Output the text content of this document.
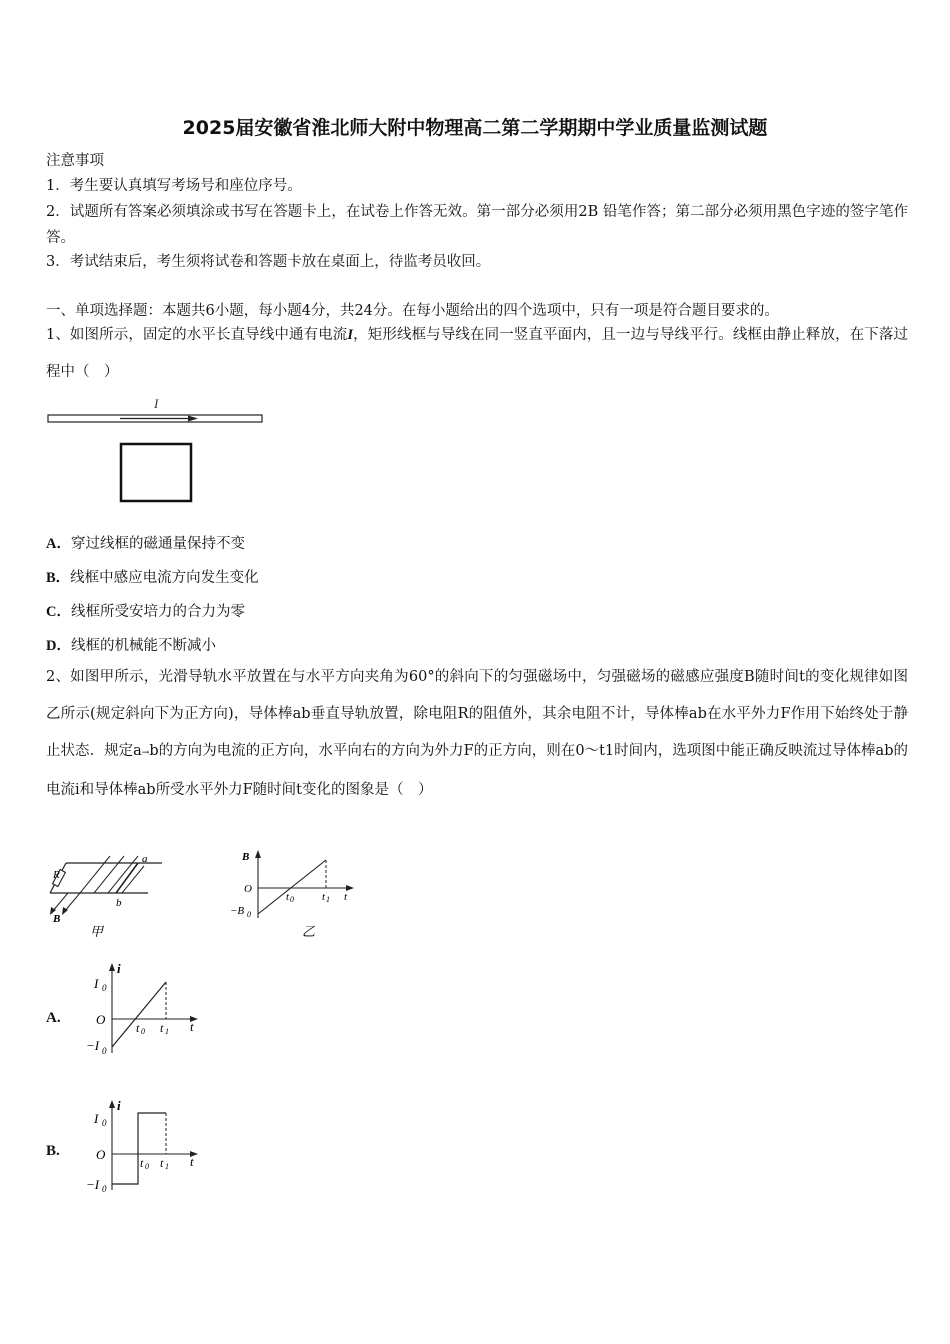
2025届安徽省淮北师大附中物理高二第二学期期中学业质量监测试题
注意事项
1．考生要认真填写考场号和座位序号。
2．试题所有答案必须填涂或书写在答题卡上，在试卷上作答无效。第一部分必须用2B 铅笔作答；第二部分必须用黑色字迹的签字笔作答。
3．考试结束后，考生须将试卷和答题卡放在桌面上，待监考员收回。
一、单项选择题：本题共6小题，每小题4分，共24分。在每小题给出的四个选项中，只有一项是符合题目要求的。
1、如图所示，固定的水平长直导线中通有电流I，矩形线框与导线在同一竖直平面内，且一边与导线平行。线框由静止释放，在下落过程中（　）
I
A．穿过线框的磁通量保持不变
B．线框中感应电流方向发生变化
C．线框所受安培力的合力为零
D．线框的机械能不断减小
2、如图甲所示，光滑导轨水平放置在与水平方向夹角为60°的斜向下的匀强磁场中，匀强磁场的磁感应强度B随时间t的变化规律如图乙所示(规定斜向下为正方向)，导体棒ab垂直导轨放置，除电阻R的阻值外，其余电阻不计，导体棒ab在水平外力F作用下始终处于静止状态．规定a→b的方向为电流的正方向，水平向右的方向为外力F的正方向，则在0～t1时间内，选项图中能正确反映流过导体棒ab的电流i和导体棒ab所受水平外力F随时间t变化的图象是（　）
R
a
b
B
甲
B
O
−B 0
t 0	t 1 t
乙
A.
I 0
i
O
−I 0
t 0 t 1 t
B.
I 0
i
O
−I 0
t 0 t 1 t
